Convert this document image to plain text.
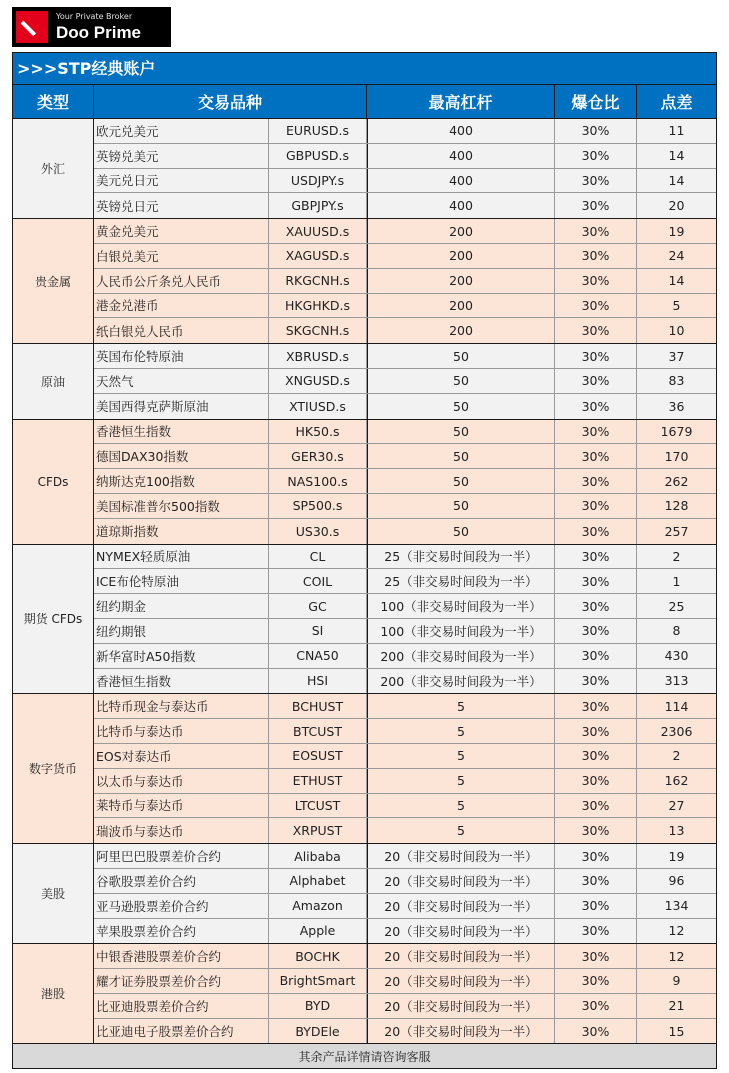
Your Private Broker
Doo Prime
>>>STP经典账户
类型	交易品种	最高杠杆	爆仓比	点差
外汇
欧元兑美元	EURUSD.s	400	30%	11
英镑兑美元	GBPUSD.s	400	30%	14
美元兑日元	USDJPY.s	400	30%	14
英镑兑日元	GBPJPY.s	400	30%	20
贵金属
黄金兑美元	XAUUSD.s	200	30%	19
白银兑美元	XAGUSD.s	200	30%	24
人民币公斤条兑人民币	RKGCNH.s	200	30%	14
港金兑港币	HKGHKD.s	200	30%	5
纸白银兑人民币	SKGCNH.s	200	30%	10
原油
英国布伦特原油	XBRUSD.s	50	30%	37
天然气	XNGUSD.s	50	30%	83
美国西得克萨斯原油	XTIUSD.s	50	30%	36
CFDs
香港恒生指数	HK50.s	50	30%	1679
德国DAX30指数	GER30.s	50	30%	170
纳斯达克100指数	NAS100.s	50	30%	262
美国标准普尔500指数	SP500.s	50	30%	128
道琼斯指数	US30.s	50	30%	257
期货 CFDs
NYMEX轻质原油	CL	25（非交易时间段为一半）	30%	2
ICE布伦特原油	COIL	25（非交易时间段为一半）	30%	1
纽约期金	GC	100（非交易时间段为一半）	30%	25
纽约期银	SI	100（非交易时间段为一半）	30%	8
新华富时A50指数	CNA50	200（非交易时间段为一半）	30%	430
香港恒生指数	HSI	200（非交易时间段为一半）	30%	313
数字货币
比特币现金与泰达币	BCHUST	5	30%	114
比特币与泰达币	BTCUST	5	30%	2306
EOS对泰达币	EOSUST	5	30%	2
以太币与泰达币	ETHUST	5	30%	162
莱特币与泰达币	LTCUST	5	30%	27
瑞波币与泰达币	XRPUST	5	30%	13
美股
阿里巴巴股票差价合约	Alibaba	20（非交易时间段为一半）	30%	19
谷歌股票差价合约	Alphabet	20（非交易时间段为一半）	30%	96
亚马逊股票差价合约	Amazon	20（非交易时间段为一半）	30%	134
苹果股票差价合约	Apple	20（非交易时间段为一半）	30%	12
港股
中银香港股票差价合约	BOCHK	20（非交易时间段为一半）	30%	12
耀才证券股票差价合约	BrightSmart	20（非交易时间段为一半）	30%	9
比亚迪股票差价合约	BYD	20（非交易时间段为一半）	30%	21
比亚迪电子股票差价合约	BYDEle	20（非交易时间段为一半）	30%	15
其余产品详情请咨询客服
